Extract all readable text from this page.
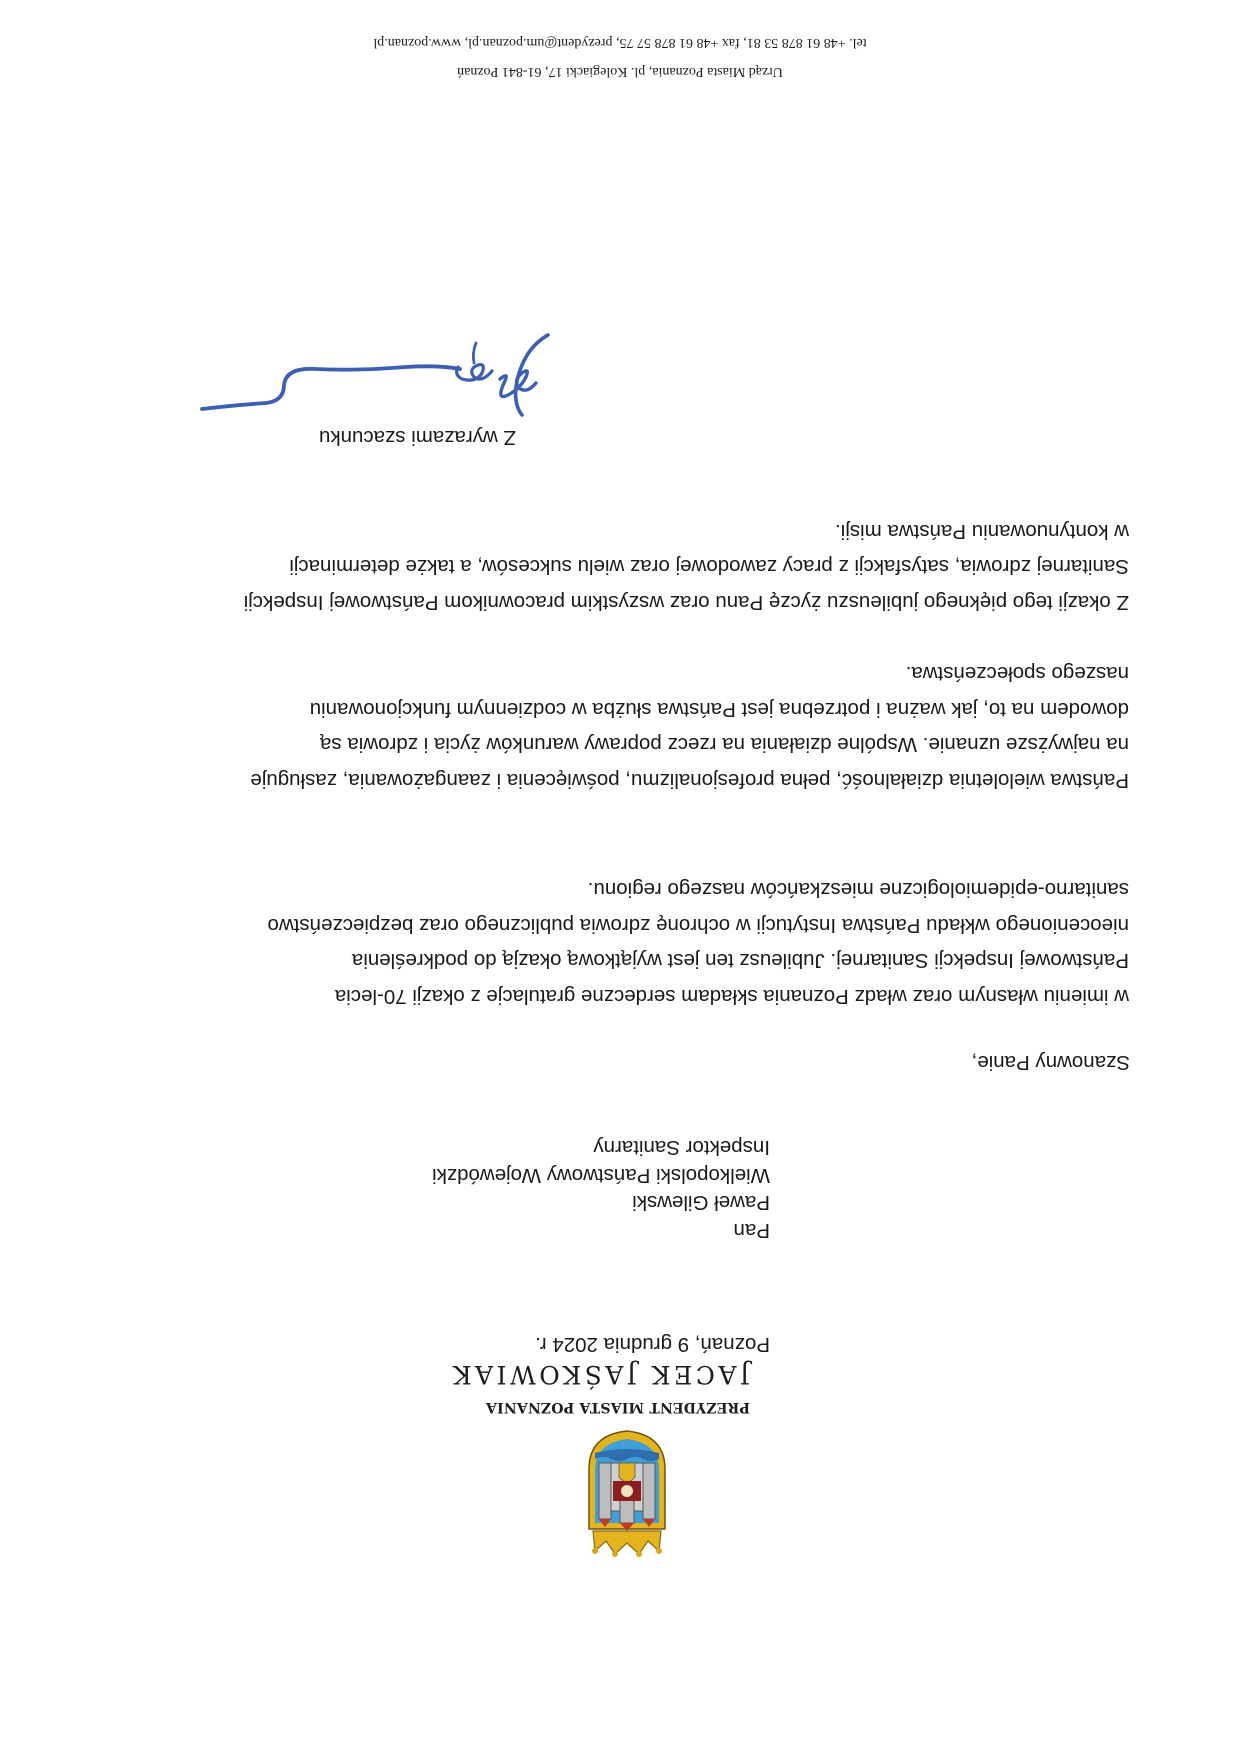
PREZYDENT MIASTA POZNANIA
JACEK JAŚKOWIAK
Poznań, 9 grudnia 2024 r.
Pan
Paweł Gilewski
Wielkopolski Państwowy Wojewódzki
Inspektor Sanitarny
Szanowny Panie,
w imieniu własnym oraz władz Poznania składam serdeczne gratulacje z okazji 70-lecia
Państwowej Inspekcji Sanitarnej. Jubileusz ten jest wyjątkową okazją do podkreślenia
nieocenionego wkładu Państwa Instytucji w ochronę zdrowia publicznego oraz bezpieczeństwo
sanitarno-epidemiologiczne mieszkańców naszego regionu.
Państwa wieloletnia działalność, pełna profesjonalizmu, poświęcenia i zaangażowania, zasługuje
na najwyższe uznanie. Wspólne działania na rzecz poprawy warunków życia i zdrowia są
dowodem na to, jak ważna i potrzebna jest Państwa służba w codziennym funkcjonowaniu
naszego społeczeństwa.
Z okazji tego pięknego jubileuszu życzę Panu oraz wszystkim pracownikom Państwowej Inspekcji
Sanitarnej zdrowia, satysfakcji z pracy zawodowej oraz wielu sukcesów, a także determinacji
w kontynuowaniu Państwa misji.
Z wyrazami szacunku
Urząd Miasta Poznania, pl. Kolegiacki 17, 61-841 Poznań
tel. +48 61 878 53 81, fax +48 61 878 57 75, prezydent@um.poznan.pl, www.poznan.pl
